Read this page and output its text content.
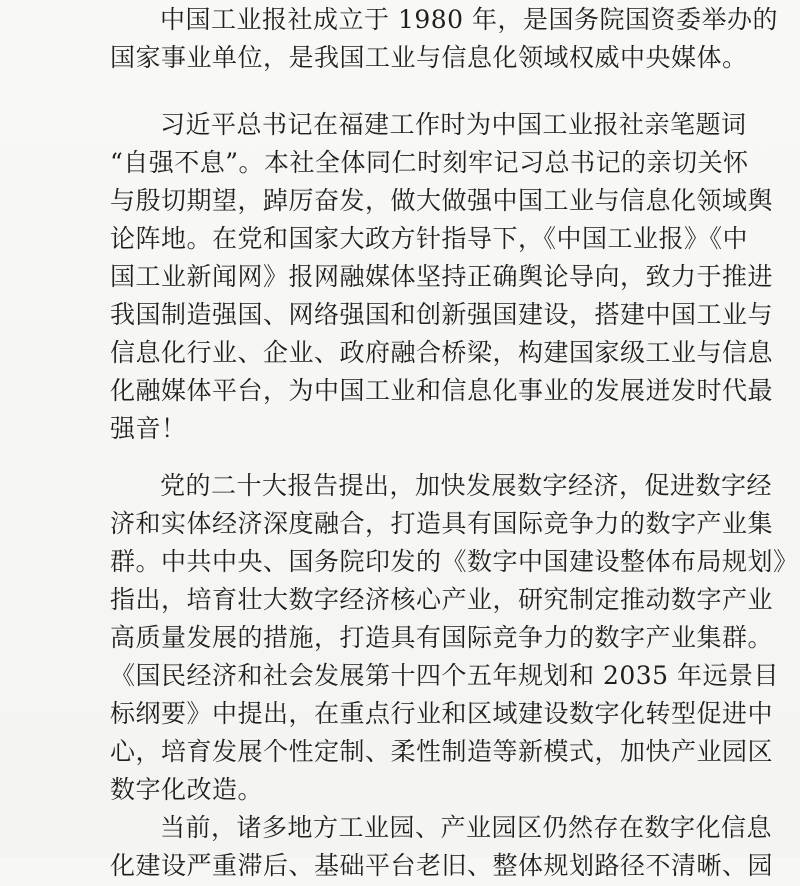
中国工业报社成立于 1980 年，是国务院国资委举办的
国家事业单位，是我国工业与信息化领域权威中央媒体。
习近平总书记在福建工作时为中国工业报社亲笔题词
“自强不息”。本社全体同仁时刻牢记习总书记的亲切关怀
与殷切期望，踔厉奋发，做大做强中国工业与信息化领域舆
论阵地。在党和国家大政方针指导下，《中国工业报》《中
国工业新闻网》报网融媒体坚持正确舆论导向，致力于推进
我国制造强国、网络强国和创新强国建设，搭建中国工业与
信息化行业、企业、政府融合桥梁，构建国家级工业与信息
化融媒体平台，为中国工业和信息化事业的发展迸发时代最
强音！
党的二十大报告提出，加快发展数字经济，促进数字经
济和实体经济深度融合，打造具有国际竞争力的数字产业集
群。中共中央、国务院印发的《数字中国建设整体布局规划》
指出，培育壮大数字经济核心产业，研究制定推动数字产业
高质量发展的措施，打造具有国际竞争力的数字产业集群。
《国民经济和社会发展第十四个五年规划和 2035 年远景目
标纲要》中提出，在重点行业和区域建设数字化转型促进中
心，培育发展个性定制、柔性制造等新模式，加快产业园区
数字化改造。
当前，诸多地方工业园、产业园区仍然存在数字化信息
化建设严重滞后、基础平台老旧、整体规划路径不清晰、园
